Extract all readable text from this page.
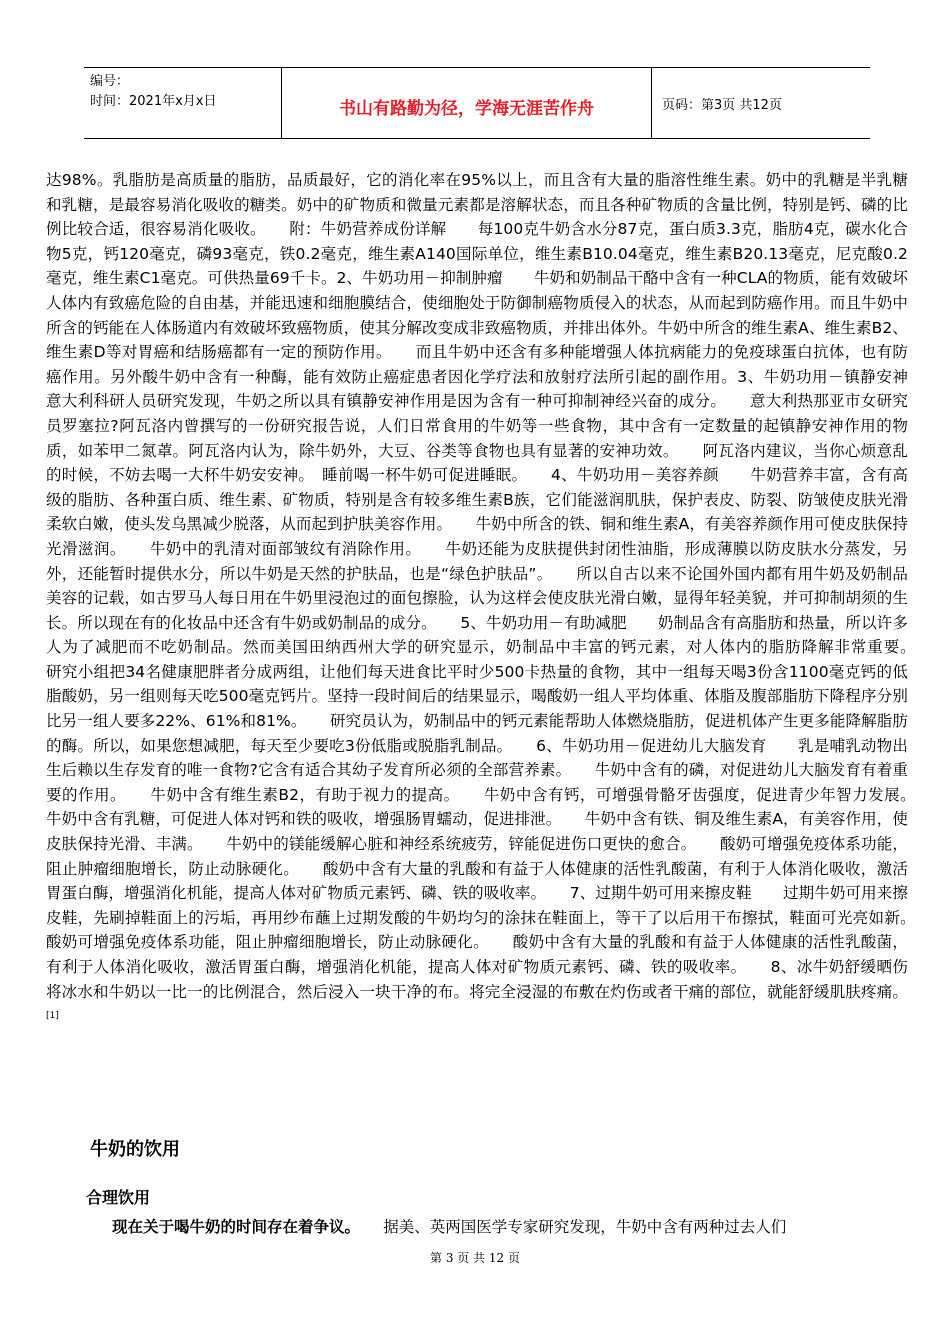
编号：
时间：2021年x月x日	书山有路勤为径，学海无涯苦作舟	页码：第3页 共12页

达98%。乳脂肪是高质量的脂肪，品质最好，它的消化率在95%以上，而且含有大量的脂溶性维生素。奶中的乳糖是半乳糖和乳糖，是最容易消化吸收的糖类。奶中的矿物质和微量元素都是溶解状态，而且各种矿物质的含量比例，特别是钙、磷的比例比较合适，很容易消化吸收。　　附：牛奶营养成份详解　　每100克牛奶含水分87克，蛋白质3.3克，脂肪4克，碳水化合物5克，钙120毫克，磷93毫克，铁0.2毫克，维生素A140国际单位，维生素B10.04毫克，维生素B20.13毫克，尼克酸0.2毫克，维生素C1毫克。可供热量69千卡。2、牛奶功用－抑制肿瘤　　牛奶和奶制品干酪中含有一种CLA的物质，能有效破坏人体内有致癌危险的自由基，并能迅速和细胞膜结合，使细胞处于防御制癌物质侵入的状态，从而起到防癌作用。而且牛奶中所含的钙能在人体肠道内有效破坏致癌物质，使其分解改变成非致癌物质，并排出体外。牛奶中所含的维生素A、维生素B2、维生素D等对胃癌和结肠癌都有一定的预防作用。　　而且牛奶中还含有多种能增强人体抗病能力的免疫球蛋白抗体，也有防癌作用。另外酸牛奶中含有一种酶，能有效防止癌症患者因化学疗法和放射疗法所引起的副作用。3、牛奶功用－镇静安神　　意大利科研人员研究发现，牛奶之所以具有镇静安神作用是因为含有一种可抑制神经兴奋的成分。　　意大利热那亚市女研究员罗塞拉?阿瓦洛内曾撰写的一份研究报告说，人们日常食用的牛奶等一些食物，其中含有一定数量的起镇静安神作用的物质，如苯甲二氮䓬。阿瓦洛内认为，除牛奶外，大豆、谷类等食物也具有显著的安神功效。　　阿瓦洛内建议，当你心烦意乱的时候，不妨去喝一大杯牛奶安安神。　睡前喝一杯牛奶可促进睡眠。　　4、牛奶功用－美容养颜　　牛奶营养丰富，含有高级的脂肪、各种蛋白质、维生素、矿物质，特别是含有较多维生素B族，它们能滋润肌肤，保护表皮、防裂、防皱使皮肤光滑柔软白嫩，使头发乌黑减少脱落，从而起到护肤美容作用。　　牛奶中所含的铁、铜和维生素A，有美容养颜作用可使皮肤保持光滑滋润。　　牛奶中的乳清对面部皱纹有消除作用。　　牛奶还能为皮肤提供封闭性油脂，形成薄膜以防皮肤水分蒸发，另外，还能暂时提供水分，所以牛奶是天然的护肤品，也是“绿色护肤品”。　　所以自古以来不论国外国内都有用牛奶及奶制品美容的记载，如古罗马人每日用在牛奶里浸泡过的面包擦脸，认为这样会使皮肤光滑白嫩，显得年轻美貌，并可抑制胡须的生长。所以现在有的化妆品中还含有牛奶或奶制品的成分。　　5、牛奶功用－有助减肥　　奶制品含有高脂肪和热量，所以许多人为了减肥而不吃奶制品。然而美国田纳西州大学的研究显示，奶制品中丰富的钙元素，对人体内的脂肪降解非常重要。　　研究小组把34名健康肥胖者分成两组，让他们每天进食比平时少500卡热量的食物，其中一组每天喝3份含1100毫克钙的低脂酸奶，另一组则每天吃500毫克钙片。坚持一段时间后的结果显示，喝酸奶一组人平均体重、体脂及腹部脂肪下降程序分别比另一组人要多22%、61%和81%。　　研究员认为，奶制品中的钙元素能帮助人体燃烧脂肪，促进机体产生更多能降解脂肪的酶。所以，如果您想减肥，每天至少要吃3份低脂或脱脂乳制品。　　6、牛奶功用－促进幼儿大脑发育　　乳是哺乳动物出生后赖以生存发育的唯一食物?它含有适合其幼子发育所必须的全部营养素。　　牛奶中含有的磷，对促进幼儿大脑发育有着重要的作用。　　牛奶中含有维生素B2，有助于视力的提高。　　牛奶中含有钙，可增强骨骼牙齿强度，促进青少年智力发展。　　牛奶中含有乳糖，可促进人体对钙和铁的吸收，增强肠胃蠕动，促进排泄。　　牛奶中含有铁、铜及维生素A，有美容作用，使皮肤保持光滑、丰满。　　牛奶中的镁能缓解心脏和神经系统疲劳，锌能促进伤口更快的愈合。　　酸奶可增强免疫体系功能，阻止肿瘤细胞增长，防止动脉硬化。　　酸奶中含有大量的乳酸和有益于人体健康的活性乳酸菌，有利于人体消化吸收，激活胃蛋白酶，增强消化机能，提高人体对矿物质元素钙、磷、铁的吸收率。　　7、过期牛奶可用来擦皮鞋　　过期牛奶可用来擦皮鞋，先刷掉鞋面上的污垢，再用纱布蘸上过期发酸的牛奶均匀的涂抹在鞋面上，等干了以后用干布擦拭，鞋面可光亮如新。　　酸奶可增强免疫体系功能，阻止肿瘤细胞增长，防止动脉硬化。　　酸奶中含有大量的乳酸和有益于人体健康的活性乳酸菌，有利于人体消化吸收，激活胃蛋白酶，增强消化机能，提高人体对矿物质元素钙、磷、铁的吸收率。　　8、冰牛奶舒缓晒伤　　将冰水和牛奶以一比一的比例混合，然后浸入一块干净的布。将完全浸湿的布敷在灼伤或者干痛的部位，就能舒缓肌肤疼痛。[1]

牛奶的饮用
合理饮用
现在关于喝牛奶的时间存在着争议。　　据美、英两国医学专家研究发现，牛奶中含有两种过去人们
第 3 页 共 12 页
